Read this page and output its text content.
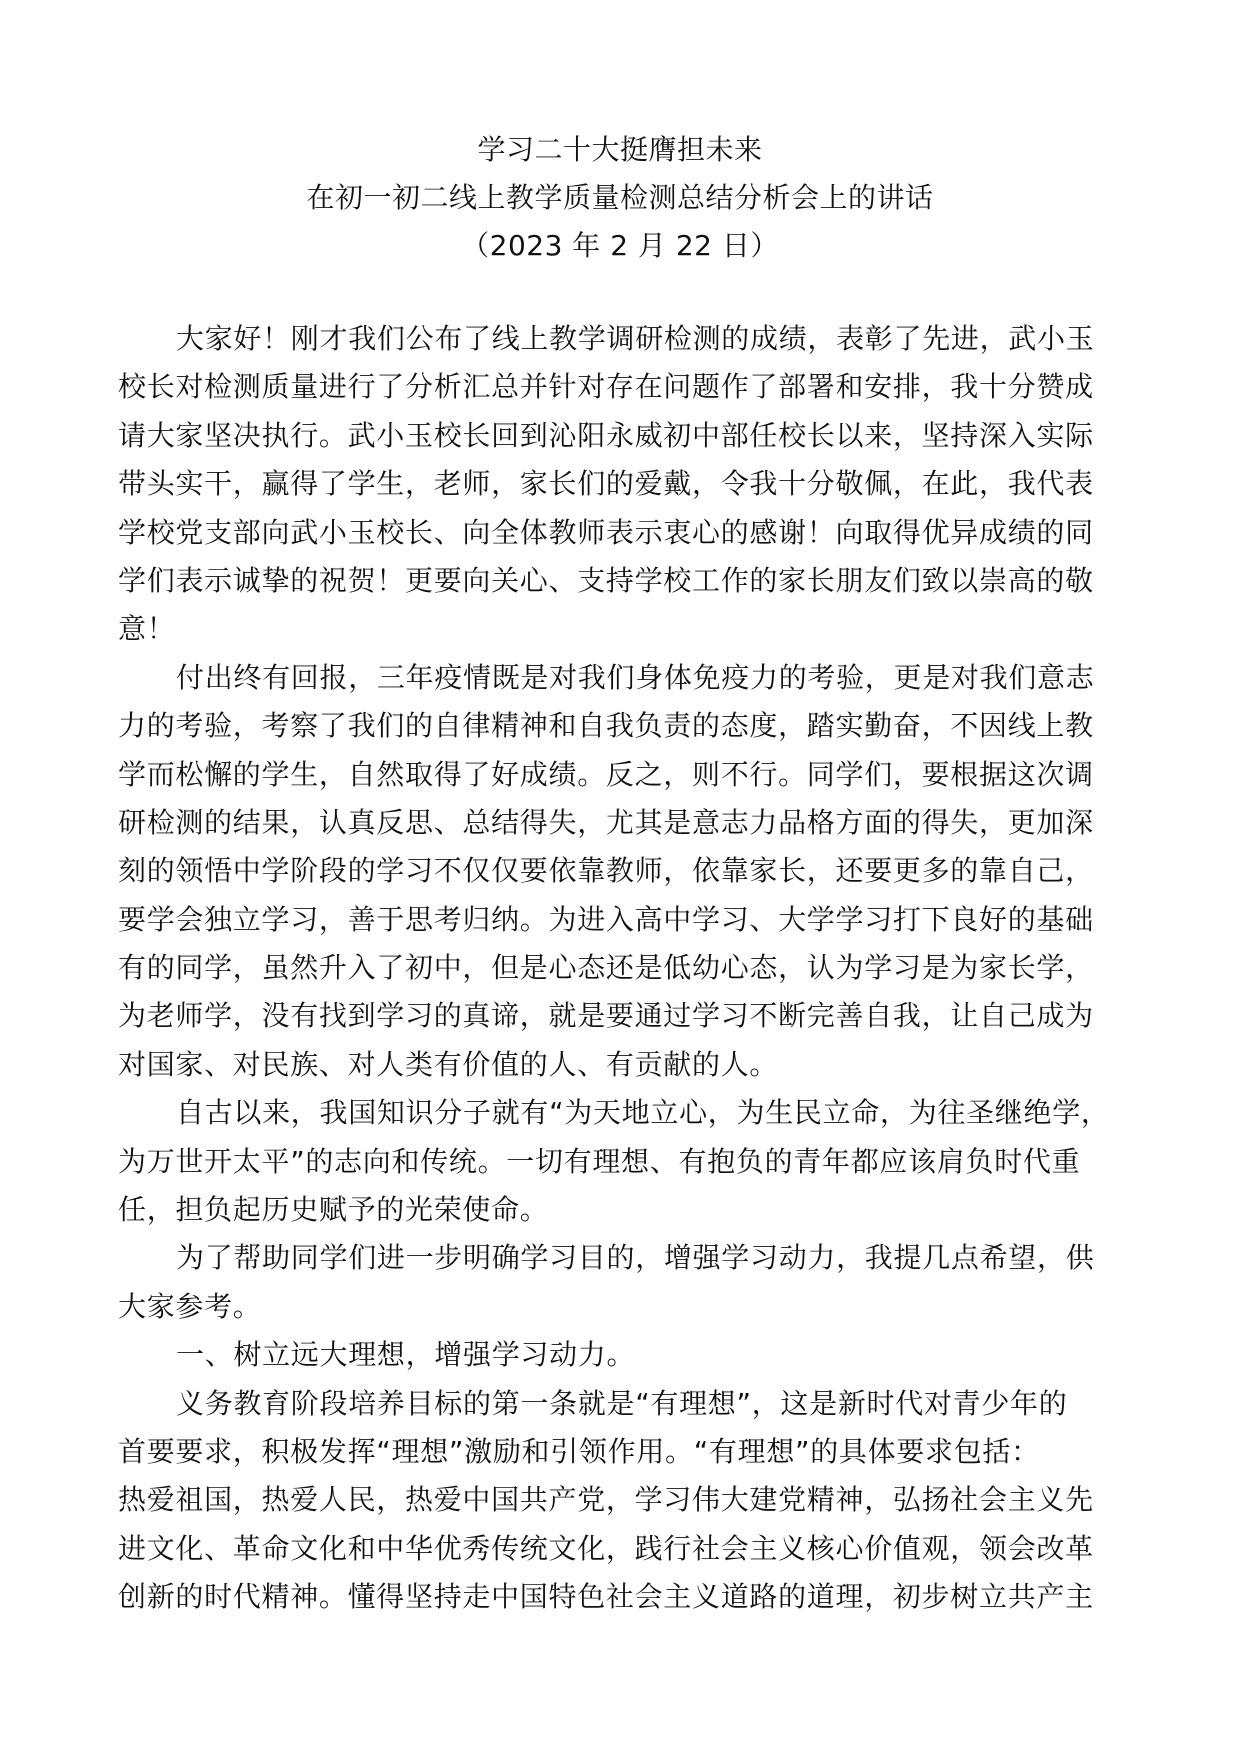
学习二十大挺膺担未来
在初一初二线上教学质量检测总结分析会上的讲话
（2023 年 2 月 22 日）
大家好！刚才我们公布了线上教学调研检测的成绩，表彰了先进，武小玉
校长对检测质量进行了分析汇总并针对存在问题作了部署和安排，我十分赞成
请大家坚决执行。武小玉校长回到沁阳永威初中部任校长以来，坚持深入实际
带头实干，赢得了学生，老师，家长们的爱戴，令我十分敬佩，在此，我代表
学校党支部向武小玉校长、向全体教师表示衷心的感谢！向取得优异成绩的同
学们表示诚挚的祝贺！更要向关心、支持学校工作的家长朋友们致以崇高的敬
意！
付出终有回报，三年疫情既是对我们身体免疫力的考验，更是对我们意志
力的考验，考察了我们的自律精神和自我负责的态度，踏实勤奋，不因线上教
学而松懈的学生，自然取得了好成绩。反之，则不行。同学们，要根据这次调
研检测的结果，认真反思、总结得失，尤其是意志力品格方面的得失，更加深
刻的领悟中学阶段的学习不仅仅要依靠教师，依靠家长，还要更多的靠自己，
要学会独立学习，善于思考归纳。为进入高中学习、大学学习打下良好的基础
有的同学，虽然升入了初中，但是心态还是低幼心态，认为学习是为家长学，
为老师学，没有找到学习的真谛，就是要通过学习不断完善自我，让自己成为
对国家、对民族、对人类有价值的人、有贡献的人。
自古以来，我国知识分子就有“为天地立心，为生民立命，为往圣继绝学，
为万世开太平”的志向和传统。一切有理想、有抱负的青年都应该肩负时代重
任，担负起历史赋予的光荣使命。
为了帮助同学们进一步明确学习目的，增强学习动力，我提几点希望，供
大家参考。
一、树立远大理想，增强学习动力。
义务教育阶段培养目标的第一条就是“有理想”，这是新时代对青少年的
首要要求，积极发挥“理想”激励和引领作用。“有理想”的具体要求包括：
热爱祖国，热爱人民，热爱中国共产党，学习伟大建党精神，弘扬社会主义先
进文化、革命文化和中华优秀传统文化，践行社会主义核心价值观，领会改革
创新的时代精神。懂得坚持走中国特色社会主义道路的道理，初步树立共产主
